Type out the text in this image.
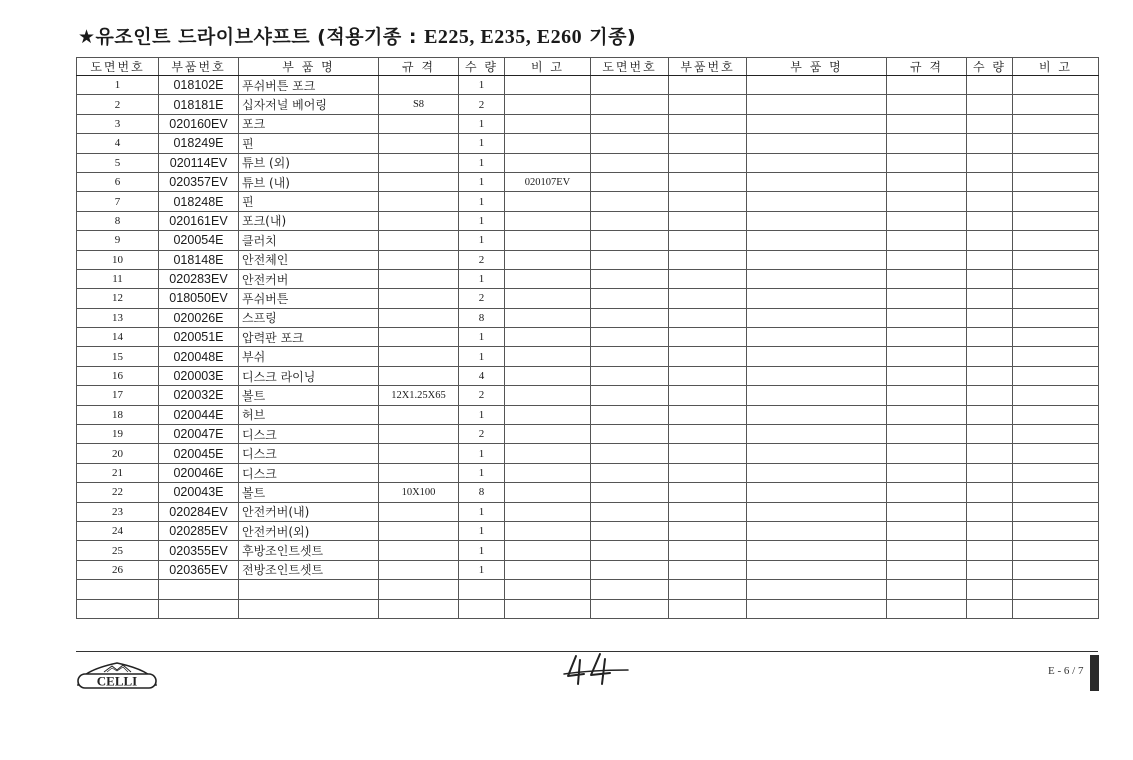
★유조인트 드라이브샤프트 (적용기종 : E225, E235, E260 기종)
도면번호	부품번호	부 품 명	규 격	수 량	비 고	도면번호	부품번호	부 품 명	규 격	수 량	비 고
1	018102E	푸쉬버튼 포크		1							
2	018181E	십자저널 베어링	S8	2							
3	020160EV	포크		1							
4	018249E	핀		1							
5	020114EV	튜브 (외)		1							
6	020357EV	튜브 (내)		1	020107EV						
7	018248E	핀		1							
8	020161EV	포크(내)		1							
9	020054E	클러치		1							
10	018148E	안전체인		2							
11	020283EV	안전커버		1							
12	018050EV	푸쉬버튼		2							
13	020026E	스프링		8							
14	020051E	압력판 포크		1							
15	020048E	부쉬		1							
16	020003E	디스크 라이닝		4							
17	020032E	볼트	12X1.25X65	2							
18	020044E	허브		1							
19	020047E	디스크		2							
20	020045E	디스크		1							
21	020046E	디스크		1							
22	020043E	볼트	10X100	8							
23	020284EV	안전커버(내)		1							
24	020285EV	안전커버(외)		1							
25	020355EV	후방조인트셋트		1							
26	020365EV	전방조인트셋트		1							

CELLI
E - 6 / 7
